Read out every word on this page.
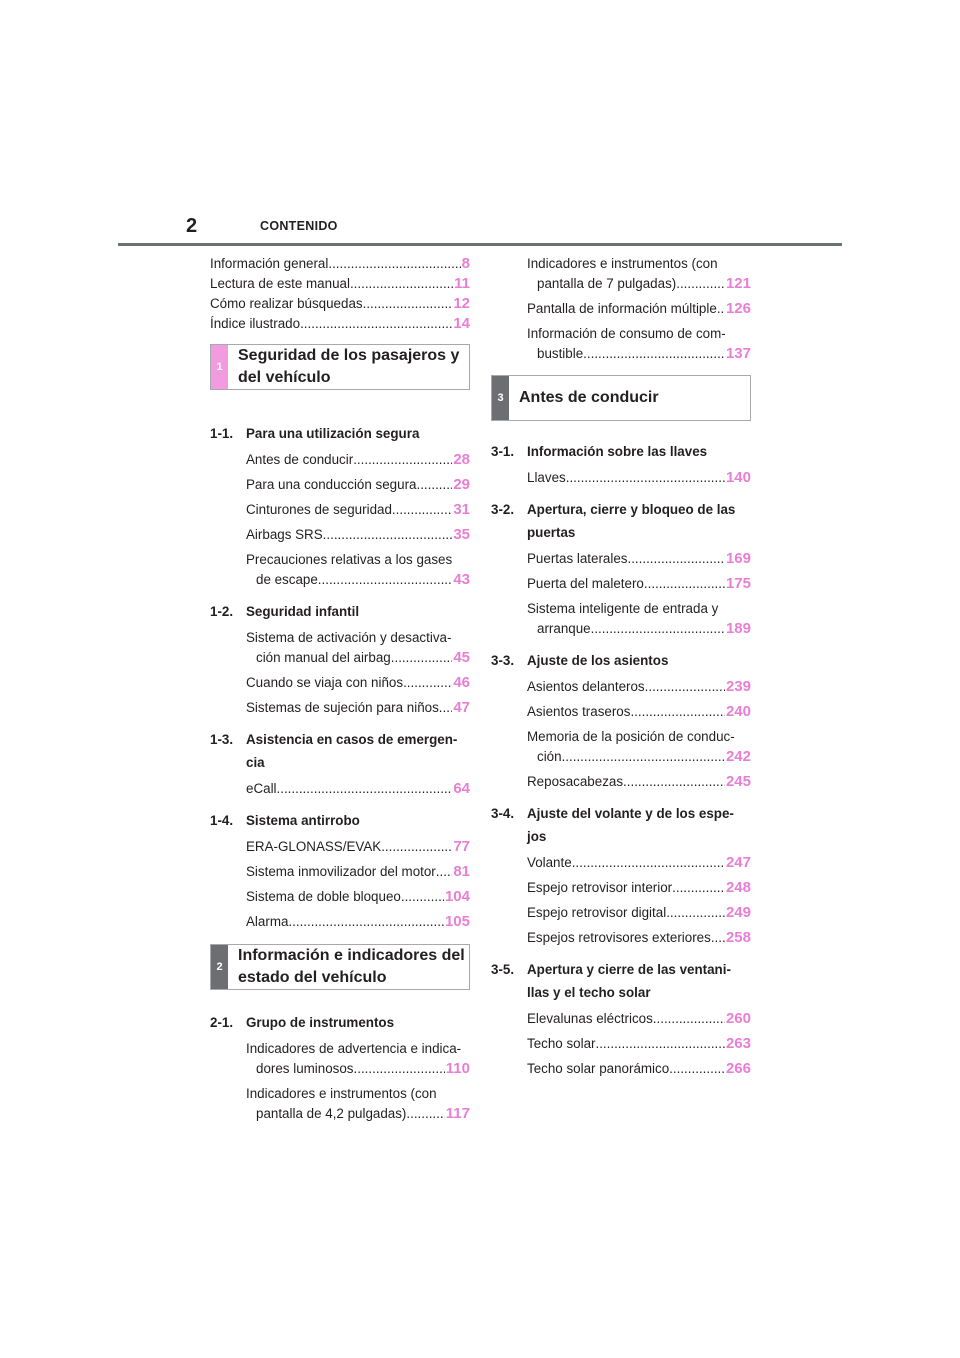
2	CONTENIDO
Información general .....	8
Lectura de este manual .....	11
Cómo realizar búsquedas .....	12
Índice ilustrado .....	14
1
Seguridad de los pasajeros y
del vehículo
1-1. Para una utilización segura
Antes de conducir .....	28
Para una conducción segura ..... 29
Cinturones de seguridad .....	31
Airbags SRS .....	35
Precauciones relativas a los gases
de escape .....	43
1-2. Seguridad infantil
Sistema de activación y desactiva-
ción manual del airbag .....	45
Cuando se viaja con niños .....	46
Sistemas de sujeción para niños ..... 47
1-3. Asistencia en casos de emergen-
cia
eCall .....	64
1-4. Sistema antirrobo
ERA-GLONASS/EVAK .....	77
Sistema inmovilizador del motor ..... 81
Sistema de doble bloqueo .....	104
Alarma .....	105
2
Información e indicadores del
estado del vehículo
2-1. Grupo de instrumentos
Indicadores de advertencia e indica-
dores luminosos .....	110
Indicadores e instrumentos (con
pantalla de 4,2 pulgadas) .....	117
Indicadores e instrumentos (con
pantalla de 7 pulgadas) .....	121
Pantalla de información múltiple ..... 126
Información de consumo de com-
bustible .....	137
3 Antes de conducir
3-1. Información sobre las llaves
Llaves .....	140
3-2. Apertura, cierre y bloqueo de las
puertas
Puertas laterales .....	169
Puerta del maletero .....	175
Sistema inteligente de entrada y
arranque .....	189
3-3. Ajuste de los asientos
Asientos delanteros .....	239
Asientos traseros .....	240
Memoria de la posición de conduc-
ción .....	242
Reposacabezas .....	245
3-4. Ajuste del volante y de los espe-
jos
Volante .....	247
Espejo retrovisor interior .....	248
Espejo retrovisor digital .....	249
Espejos retrovisores exteriores ..... 258
3-5. Apertura y cierre de las ventani-
llas y el techo solar
Elevalunas eléctricos .....	260
Techo solar .....	263
Techo solar panorámico .....	266
